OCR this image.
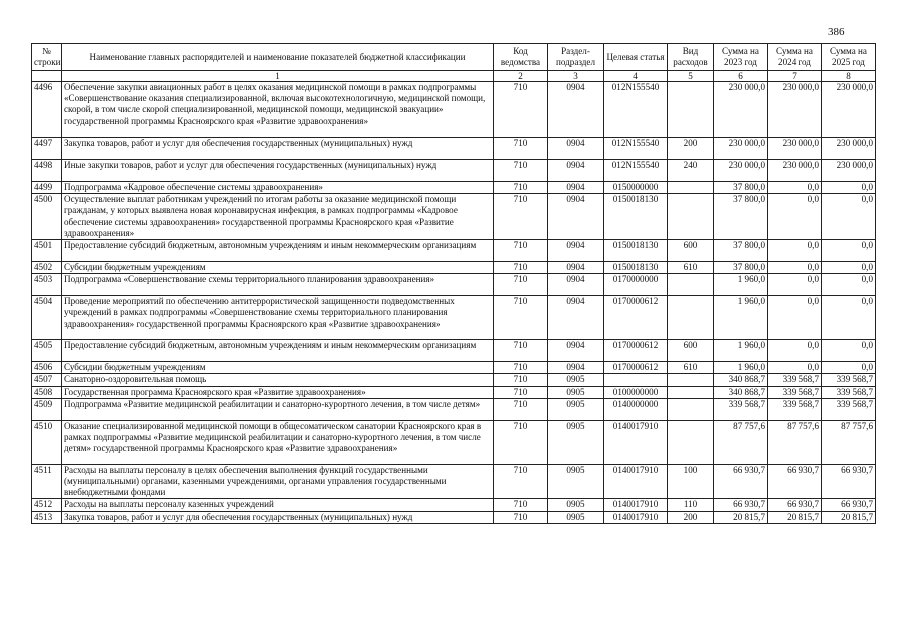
386
№ строки	Наименование главных распорядителей и наименование показателей бюджетной классификации	Код ведомства	Раздел-подраздел	Целевая статья	Вид расходов	Сумма на 2023 год	Сумма на 2024 год	Сумма на 2025 год
	1	2	3	4	5	6	7	8
4496	Обеспечение закупки авиационных работ в целях оказания медицинской помощи в рамках подпрограммы «Совершенствование оказания специализированной, включая высокотехнологичную, медицинской помощи, скорой, в том числе скорой специализированной, медицинской помощи, медицинской эвакуации» государственной программы Красноярского края «Развитие здравоохранения»	710	0904	012N155540		230 000,0	230 000,0	230 000,0
4497	Закупка товаров, работ и услуг для обеспечения государственных (муниципальных) нужд	710	0904	012N155540	200	230 000,0	230 000,0	230 000,0
4498	Иные закупки товаров, работ и услуг для обеспечения государственных (муниципальных) нужд	710	0904	012N155540	240	230 000,0	230 000,0	230 000,0
4499	Подпрограмма «Кадровое обеспечение системы здравоохранения»	710	0904	0150000000		37 800,0	0,0	0,0
4500	Осуществление выплат работникам учреждений по итогам работы за оказание медицинской помощи гражданам, у которых выявлена новая коронавирусная инфекция, в рамках подпрограммы «Кадровое обеспечение системы здравоохранения» государственной программы Красноярского края «Развитие здравоохранения»	710	0904	0150018130		37 800,0	0,0	0,0
4501	Предоставление субсидий бюджетным, автономным учреждениям и иным некоммерческим организациям	710	0904	0150018130	600	37 800,0	0,0	0,0
4502	Субсидии бюджетным учреждениям	710	0904	0150018130	610	37 800,0	0,0	0,0
4503	Подпрограмма «Совершенствование схемы территориального планирования здравоохранения»	710	0904	0170000000		1 960,0	0,0	0,0
4504	Проведение мероприятий по обеспечению антитеррористической защищенности подведомственных учреждений в рамках подпрограммы «Совершенствование схемы территориального планирования здравоохранения» государственной программы Красноярского края «Развитие здравоохранения»	710	0904	0170000612		1 960,0	0,0	0,0
4505	Предоставление субсидий бюджетным, автономным учреждениям и иным некоммерческим организациям	710	0904	0170000612	600	1 960,0	0,0	0,0
4506	Субсидии бюджетным учреждениям	710	0904	0170000612	610	1 960,0	0,0	0,0
4507	Санаторно-оздоровительная помощь	710	0905			340 868,7	339 568,7	339 568,7
4508	Государственная программа Красноярского края «Развитие здравоохранения»	710	0905	0100000000		340 868,7	339 568,7	339 568,7
4509	Подпрограмма «Развитие медицинской реабилитации и санаторно-курортного лечения, в том числе детям»	710	0905	0140000000		339 568,7	339 568,7	339 568,7
4510	Оказание специализированной медицинской помощи в общесоматическом санатории Красноярского края в рамках подпрограммы «Развитие медицинской реабилитации и санаторно-курортного лечения, в том числе детям» государственной программы Красноярского края «Развитие здравоохранения»	710	0905	0140017910		87 757,6	87 757,6	87 757,6
4511	Расходы на выплаты персоналу в целях обеспечения выполнения функций государственными (муниципальными) органами, казенными учреждениями, органами управления государственными внебюджетными фондами	710	0905	0140017910	100	66 930,7	66 930,7	66 930,7
4512	Расходы на выплаты персоналу казенных учреждений	710	0905	0140017910	110	66 930,7	66 930,7	66 930,7
4513	Закупка товаров, работ и услуг для обеспечения государственных (муниципальных) нужд	710	0905	0140017910	200	20 815,7	20 815,7	20 815,7
